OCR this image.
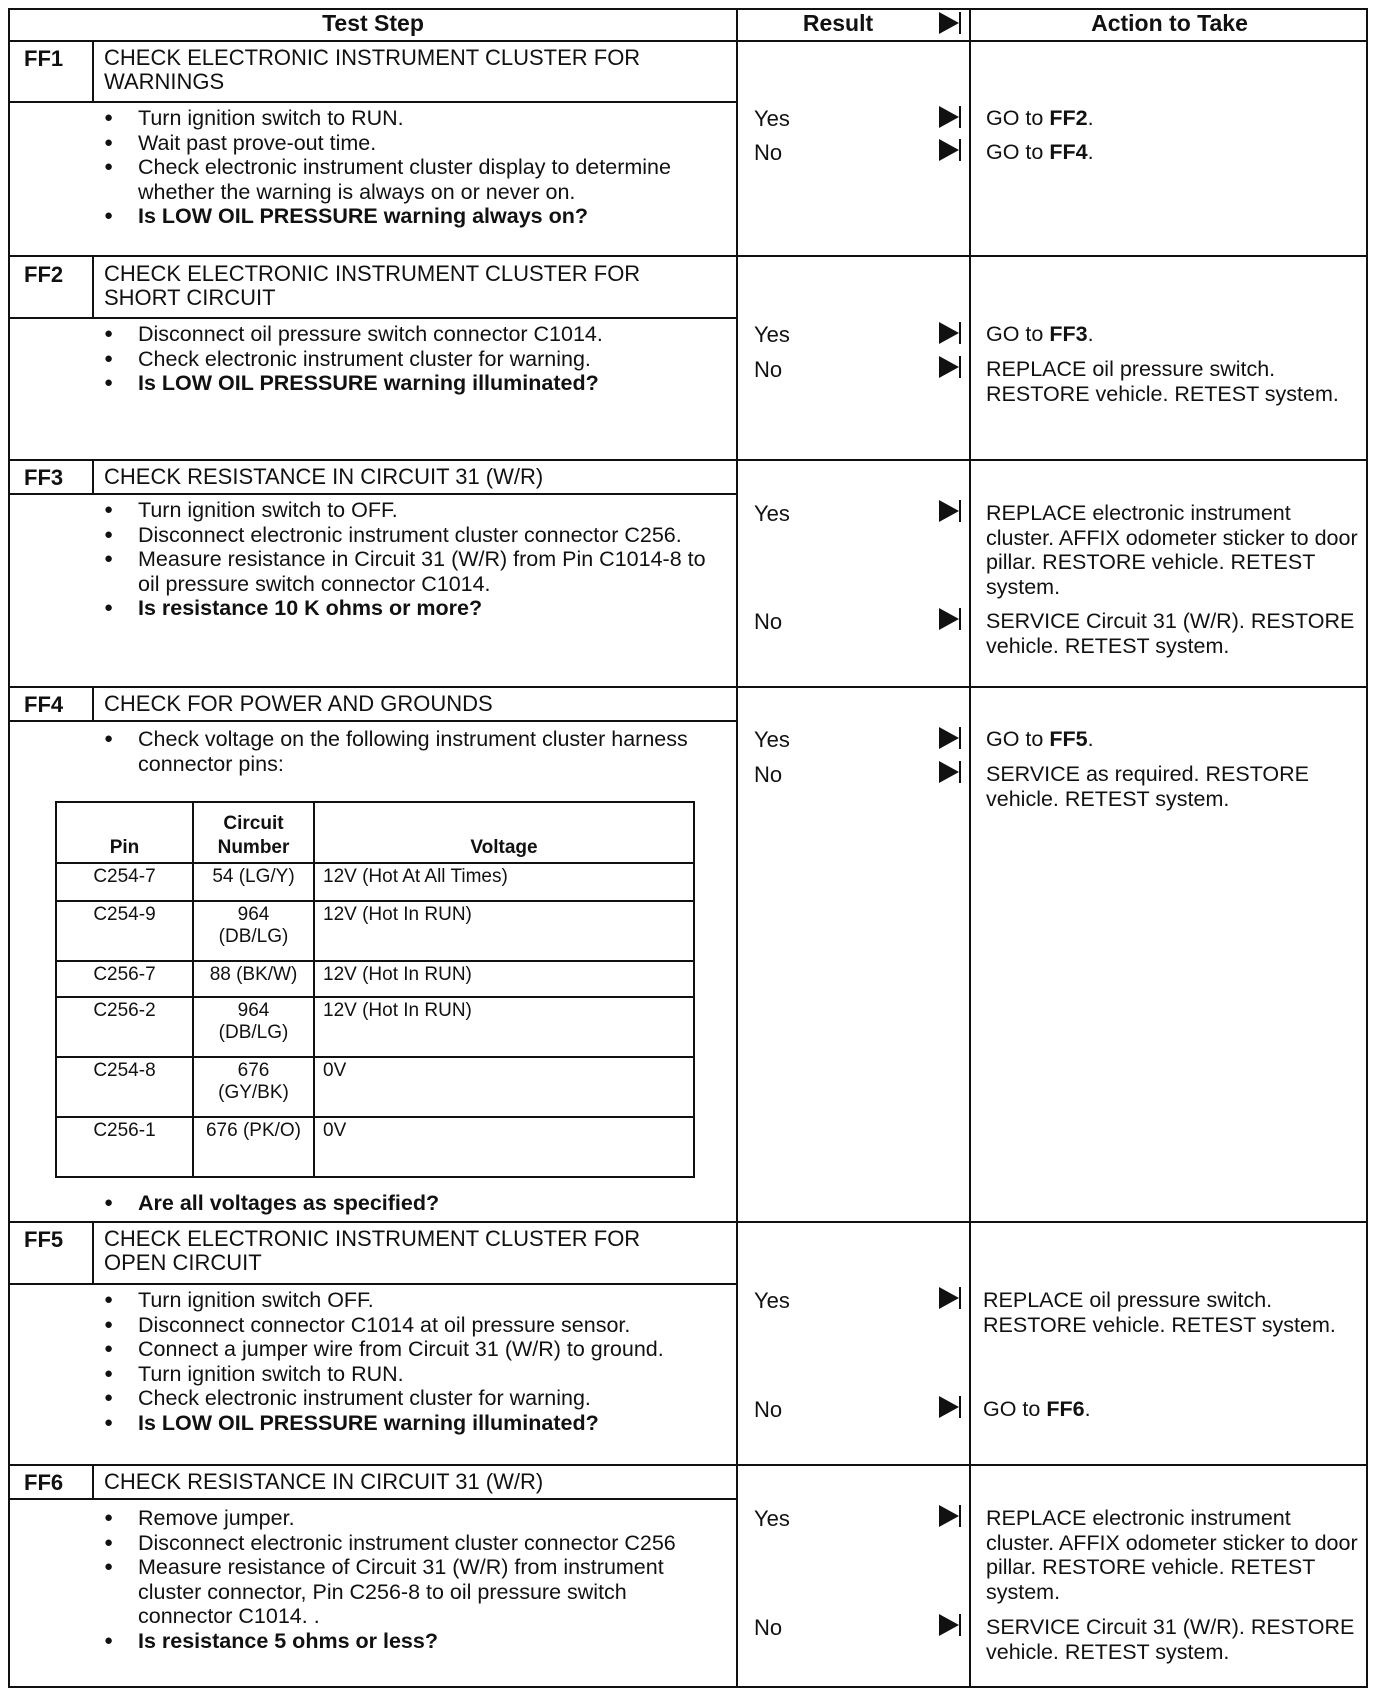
Test Step	Result	Action to Take
FF1 CHECK ELECTRONIC INSTRUMENT CLUSTER FOR WARNINGS
● Turn ignition switch to RUN.
● Wait past prove-out time.
● Check electronic instrument cluster display to determine whether the warning is always on or never on.
● Is LOW OIL PRESSURE warning always on?
Yes	GO to FF2.
No	GO to FF4.
FF2 CHECK ELECTRONIC INSTRUMENT CLUSTER FOR SHORT CIRCUIT
● Disconnect oil pressure switch connector C1014.
● Check electronic instrument cluster for warning.
● Is LOW OIL PRESSURE warning illuminated?
Yes	GO to FF3.
No	REPLACE oil pressure switch. RESTORE vehicle. RETEST system.
FF3 CHECK RESISTANCE IN CIRCUIT 31 (W/R)
● Turn ignition switch to OFF.
● Disconnect electronic instrument cluster connector C256.
● Measure resistance in Circuit 31 (W/R) from Pin C1014-8 to oil pressure switch connector C1014.
● Is resistance 10 K ohms or more?
Yes	REPLACE electronic instrument cluster. AFFIX odometer sticker to door pillar. RESTORE vehicle. RETEST system.
No	SERVICE Circuit 31 (W/R). RESTORE vehicle. RETEST system.
FF4 CHECK FOR POWER AND GROUNDS
● Check voltage on the following instrument cluster harness connector pins:
Pin	Circuit Number	Voltage
C254-7	54 (LG/Y)	12V (Hot At All Times)
C254-9	964 (DB/LG)	12V (Hot In RUN)
C256-7	88 (BK/W)	12V (Hot In RUN)
C256-2	964 (DB/LG)	12V (Hot In RUN)
C254-8	676 (GY/BK)	0V
C256-1	676 (PK/O)	0V
● Are all voltages as specified?
Yes	GO to FF5.
No	SERVICE as required. RESTORE vehicle. RETEST system.
FF5 CHECK ELECTRONIC INSTRUMENT CLUSTER FOR OPEN CIRCUIT
● Turn ignition switch OFF.
● Disconnect connector C1014 at oil pressure sensor.
● Connect a jumper wire from Circuit 31 (W/R) to ground.
● Turn ignition switch to RUN.
● Check electronic instrument cluster for warning.
● Is LOW OIL PRESSURE warning illuminated?
Yes	REPLACE oil pressure switch. RESTORE vehicle. RETEST system.
No	GO to FF6.
FF6 CHECK RESISTANCE IN CIRCUIT 31 (W/R)
● Remove jumper.
● Disconnect electronic instrument cluster connector C256
● Measure resistance of Circuit 31 (W/R) from instrument cluster connector, Pin C256-8 to oil pressure switch connector C1014. .
● Is resistance 5 ohms or less?
Yes	REPLACE electronic instrument cluster. AFFIX odometer sticker to door pillar. RESTORE vehicle. RETEST system.
No	SERVICE Circuit 31 (W/R). RESTORE vehicle. RETEST system.
